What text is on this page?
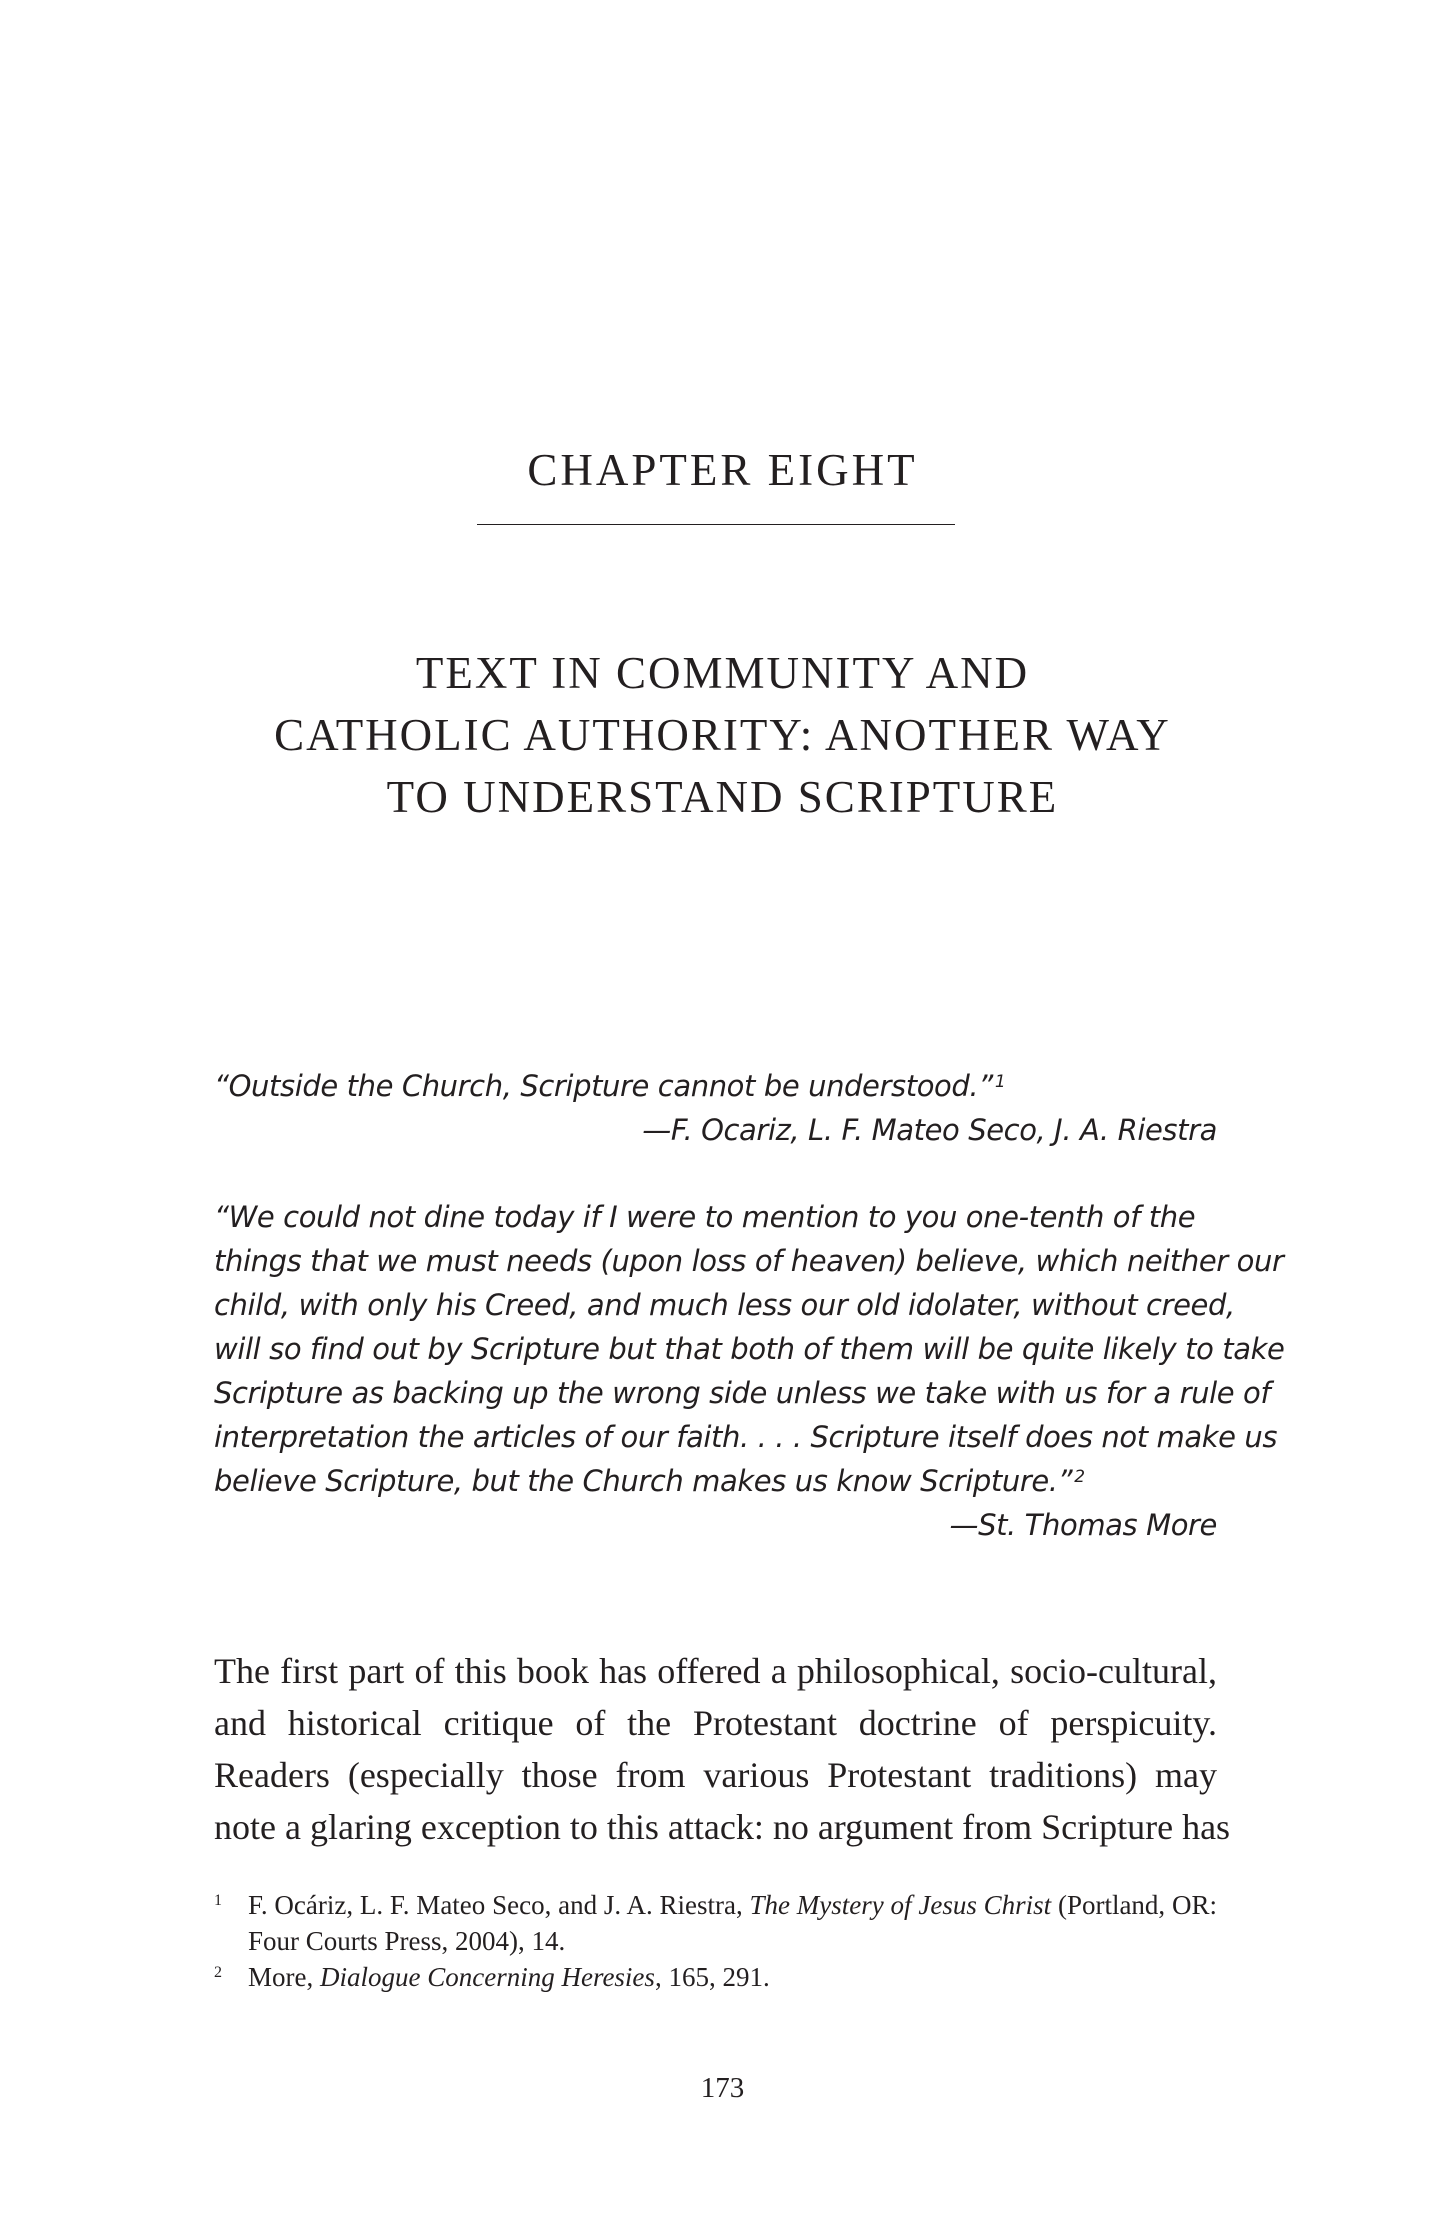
CHAPTER EIGHT
TEXT IN COMMUNITY AND
CATHOLIC AUTHORITY: ANOTHER WAY
TO UNDERSTAND SCRIPTURE
“Outside the Church, Scripture cannot be understood.” $^1$
—F. Ocariz, L. F. Mateo Seco, J. A. Riestra
“We could not dine today if I were to mention to you one-tenth of the
things that we must needs (upon loss of heaven) believe, which neither our
child, with only his Creed, and much less our old idolater, without creed,
will so find out by Scripture but that both of them will be quite likely to take
Scripture as backing up the wrong side unless we take with us for a rule of
interpretation the articles of our faith. . . . Scripture itself does not make us
believe Scripture, but the Church makes us know Scripture.” $^2$
—St. Thomas More
The first part of this book has offered a philosophical, socio-cultural,
and historical critique of the Protestant doctrine of perspicuity.
Readers (especially those from various Protestant traditions) may
note a glaring exception to this attack: no argument from Scripture has
1 F. Ocáriz, L. F. Mateo Seco, and J. A. Riestra, The Mystery of Jesus Christ (Portland, OR:
Four Courts Press, 2004), 14.
2 More, Dialogue Concerning Heresies, 165, 291.
173
